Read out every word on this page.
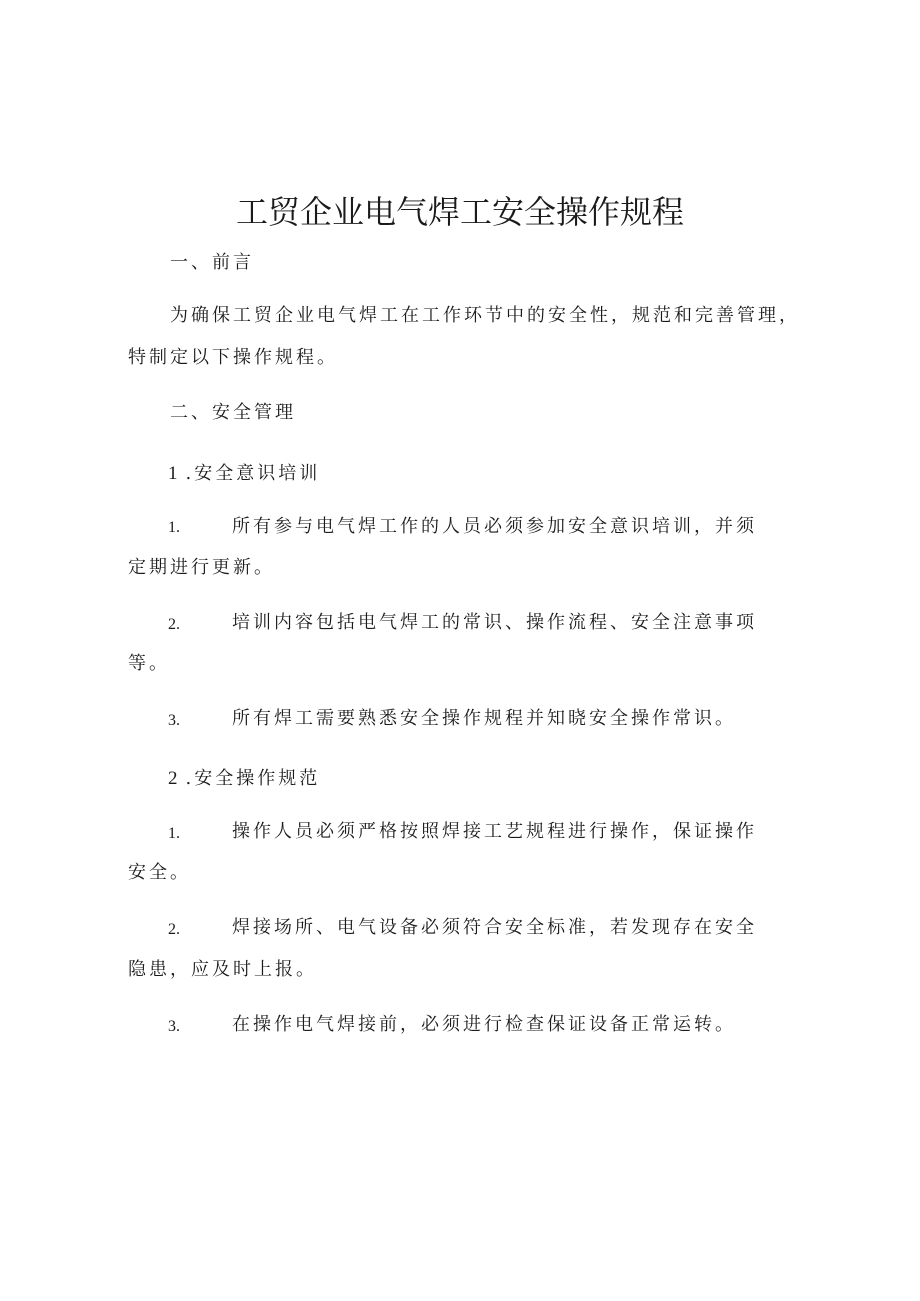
工贸企业电气焊工安全操作规程
一、前言
为确保工贸企业电气焊工在工作环节中的安全性，规范和完善管理，
特制定以下操作规程。
二、安全管理
1 .安全意识培训
1.	所有参与电气焊工作的人员必须参加安全意识培训，并须
定期进行更新。
2.	培训内容包括电气焊工的常识、操作流程、安全注意事项
等。
3.	所有焊工需要熟悉安全操作规程并知晓安全操作常识。
2 .安全操作规范
1.	操作人员必须严格按照焊接工艺规程进行操作，保证操作
安全。
2.	焊接场所、电气设备必须符合安全标准，若发现存在安全
隐患，应及时上报。
3.	在操作电气焊接前，必须进行检查保证设备正常运转。
